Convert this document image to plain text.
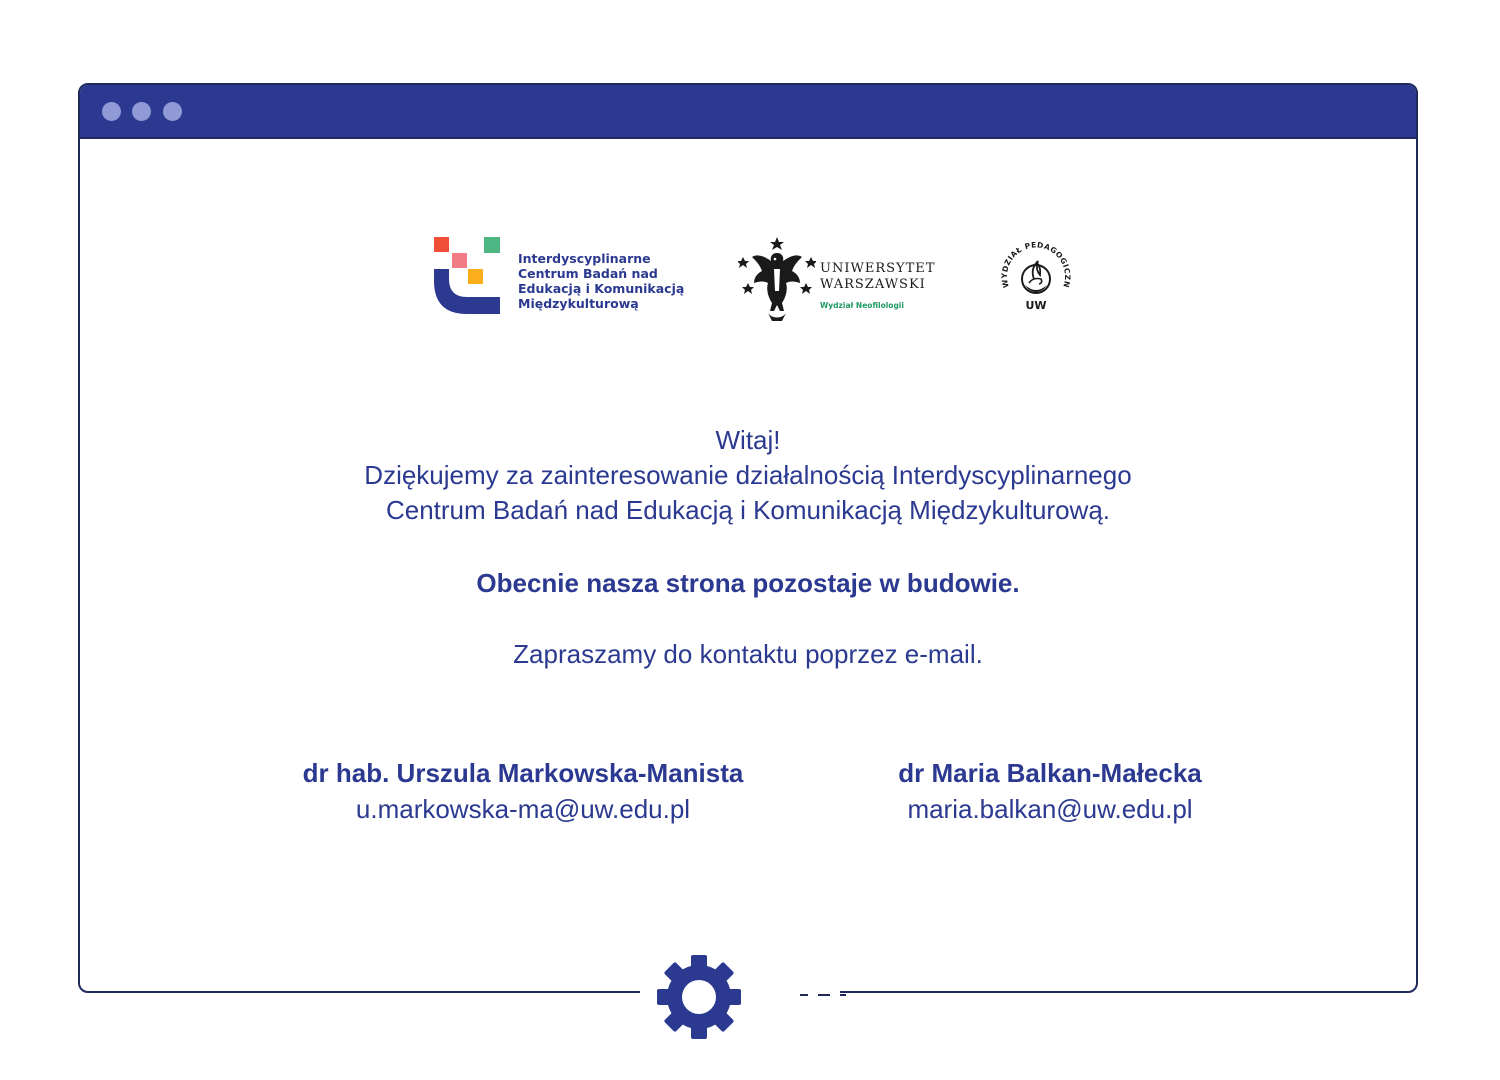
Interdyscyplinarne
Centrum Badań nad
Edukacją i Komunikacją
Międzykulturową
UNIWERSYTET
WARSZAWSKI
Wydział Neofilologii
WYDZIAŁ PEDAGOGICZN
UW

Witaj!

Dziękujemy za zainteresowanie działalnością Interdyscyplinarnego

Centrum Badań nad Edukacją i Komunikacją Międzykulturową.

Obecnie nasza strona pozostaje w budowie.

Zapraszamy do kontaktu poprzez e-mail.

dr hab. Urszula Markowska-Manista
u.markowska-ma@uw.edu.pl
dr Maria Balkan-Małecka
maria.balkan@uw.edu.pl
